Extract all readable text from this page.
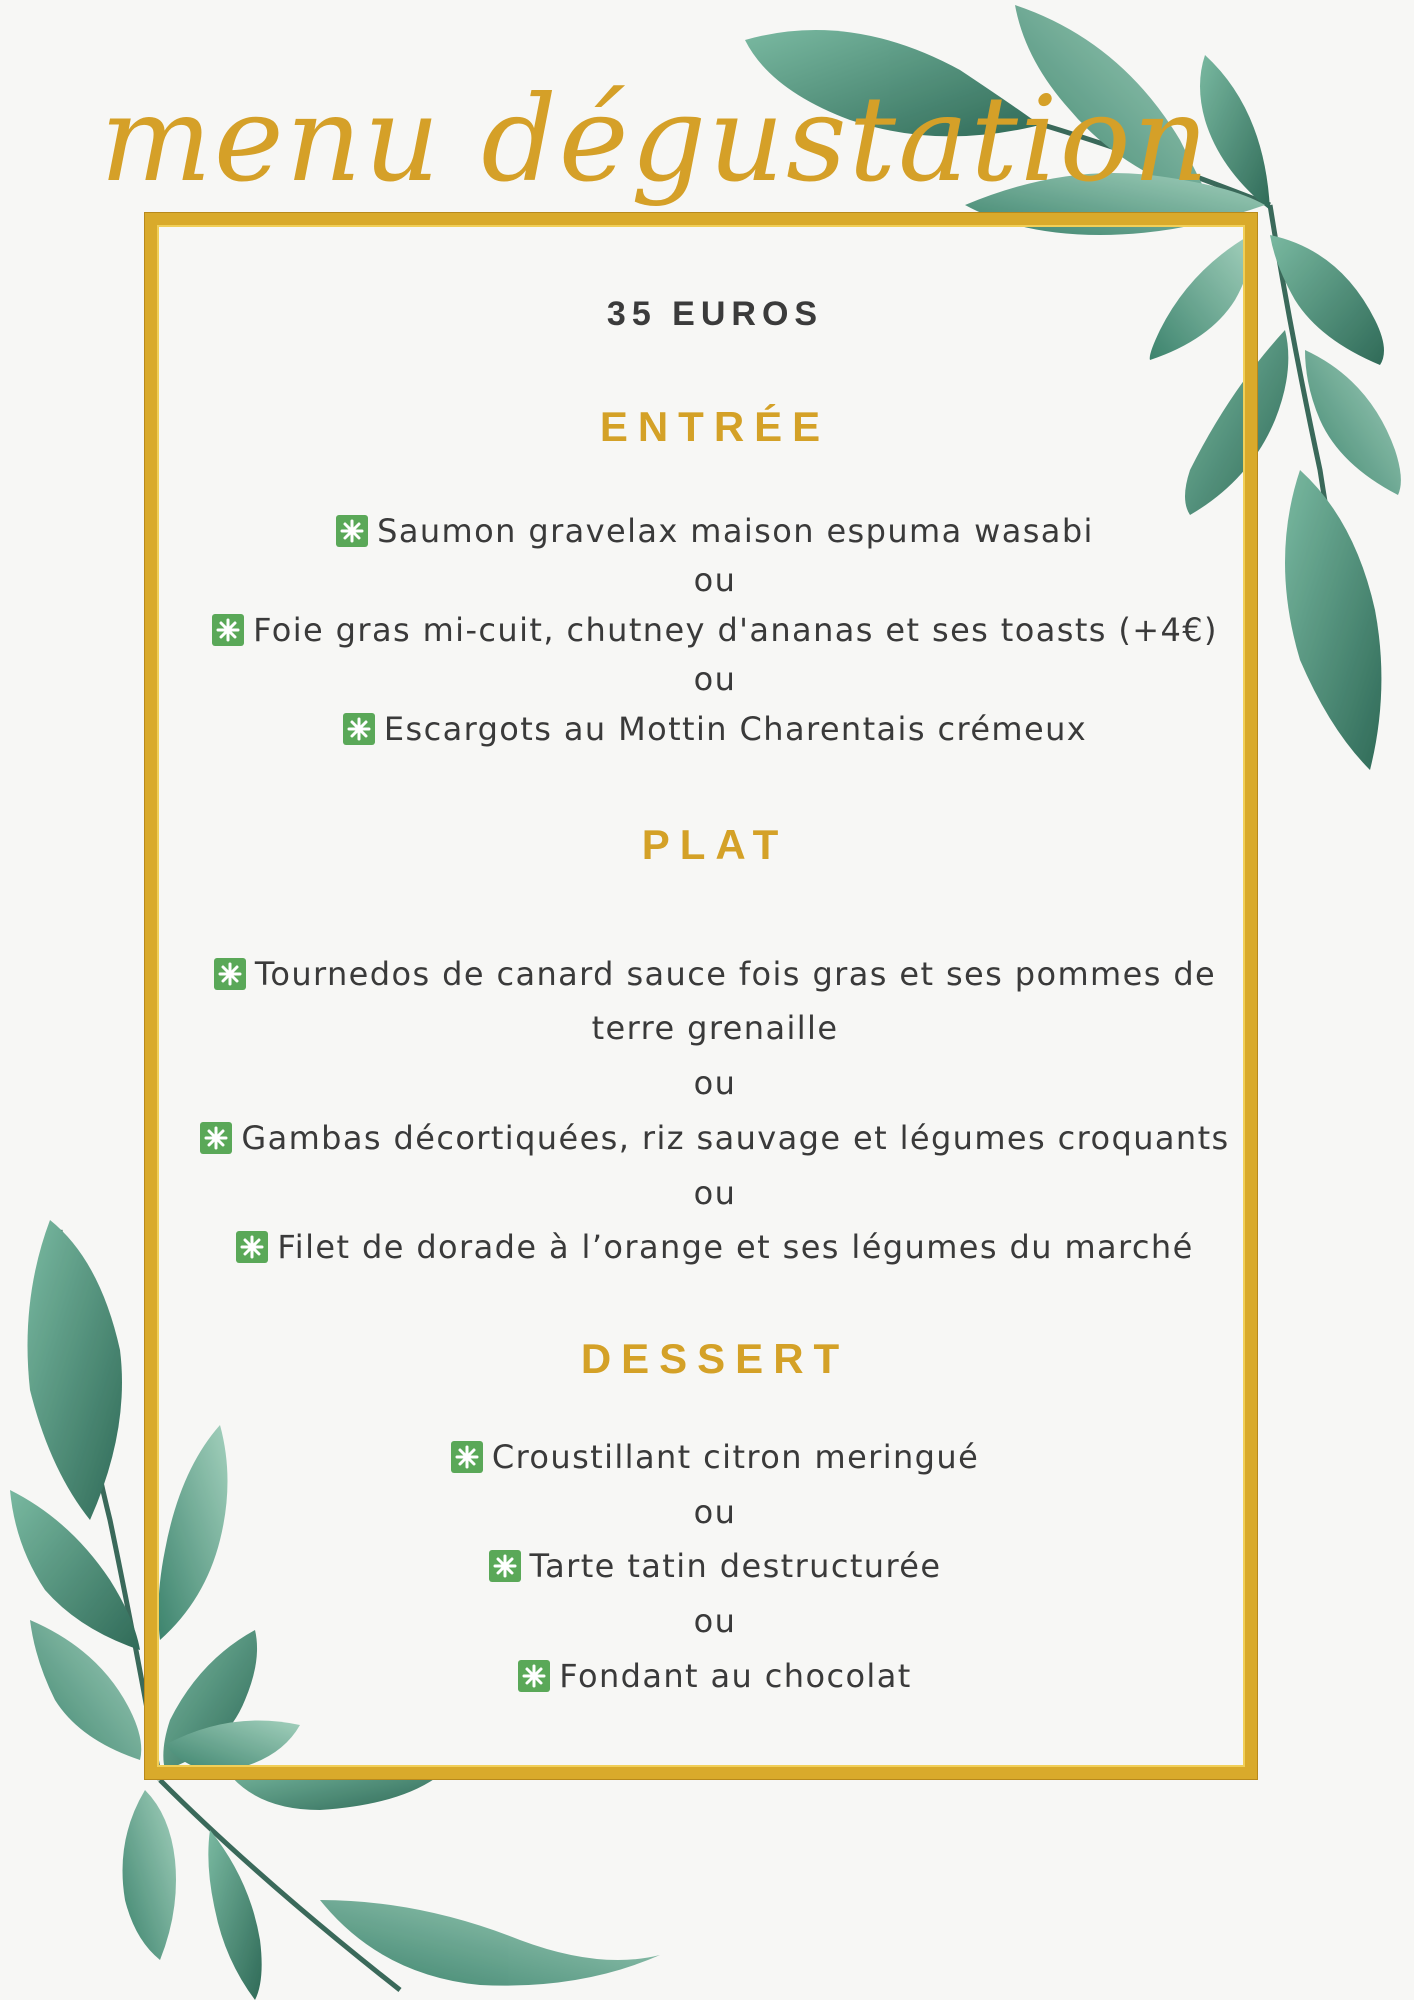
menu dégustation
35 EUROS
ENTRÉE
Saumon gravelax maison espuma wasabi
ou
Foie gras mi-cuit, chutney d'ananas et ses toasts (+4€)
ou
Escargots au Mottin Charentais crémeux
PLAT
Tournedos de canard sauce fois gras et ses pommes de
terre grenaille
ou
Gambas décortiquées, riz sauvage et légumes croquants
ou
Filet de dorade à l’orange et ses légumes du marché
DESSERT
Croustillant citron meringué
ou
Tarte tatin destructurée
ou
Fondant au chocolat
